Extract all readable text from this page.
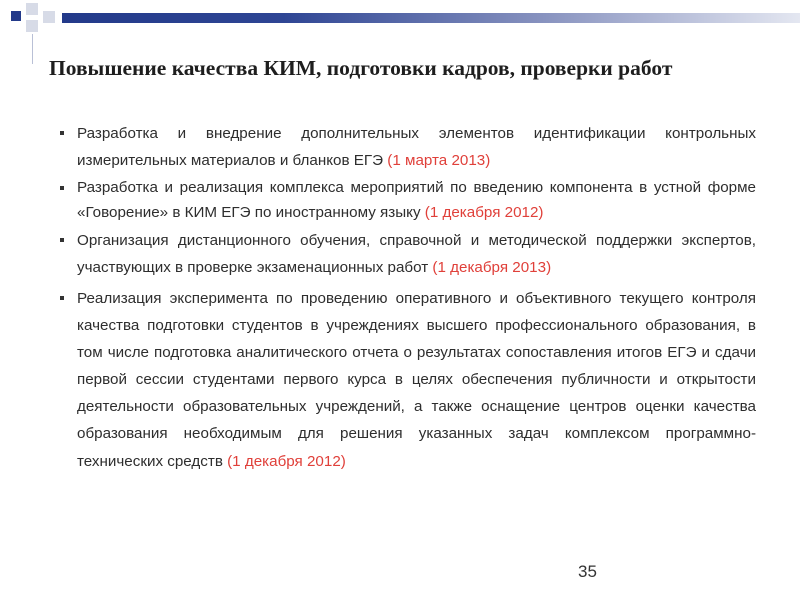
Повышение качества КИМ, подготовки кадров, проверки работ
Разработка и внедрение дополнительных элементов идентификации контрольных измерительных материалов и бланков ЕГЭ (1 марта 2013)
Разработка и реализация комплекса мероприятий по введению компонента в устной форме «Говорение» в КИМ ЕГЭ по иностранному языку (1 декабря 2012)
Организация дистанционного обучения, справочной и методической поддержки экспертов, участвующих в проверке экзаменационных работ (1 декабря 2013)
Реализация эксперимента по проведению оперативного и объективного текущего контроля качества подготовки студентов в учреждениях высшего профессионального образования, в том числе подготовка аналитического отчета о результатах сопоставления итогов ЕГЭ и сдачи первой сессии студентами первого курса в целях обеспечения публичности и открытости деятельности образовательных учреждений, а также оснащение центров оценки качества образования необходимым для решения указанных задач комплексом программно-технических средств (1 декабря 2012)
35
